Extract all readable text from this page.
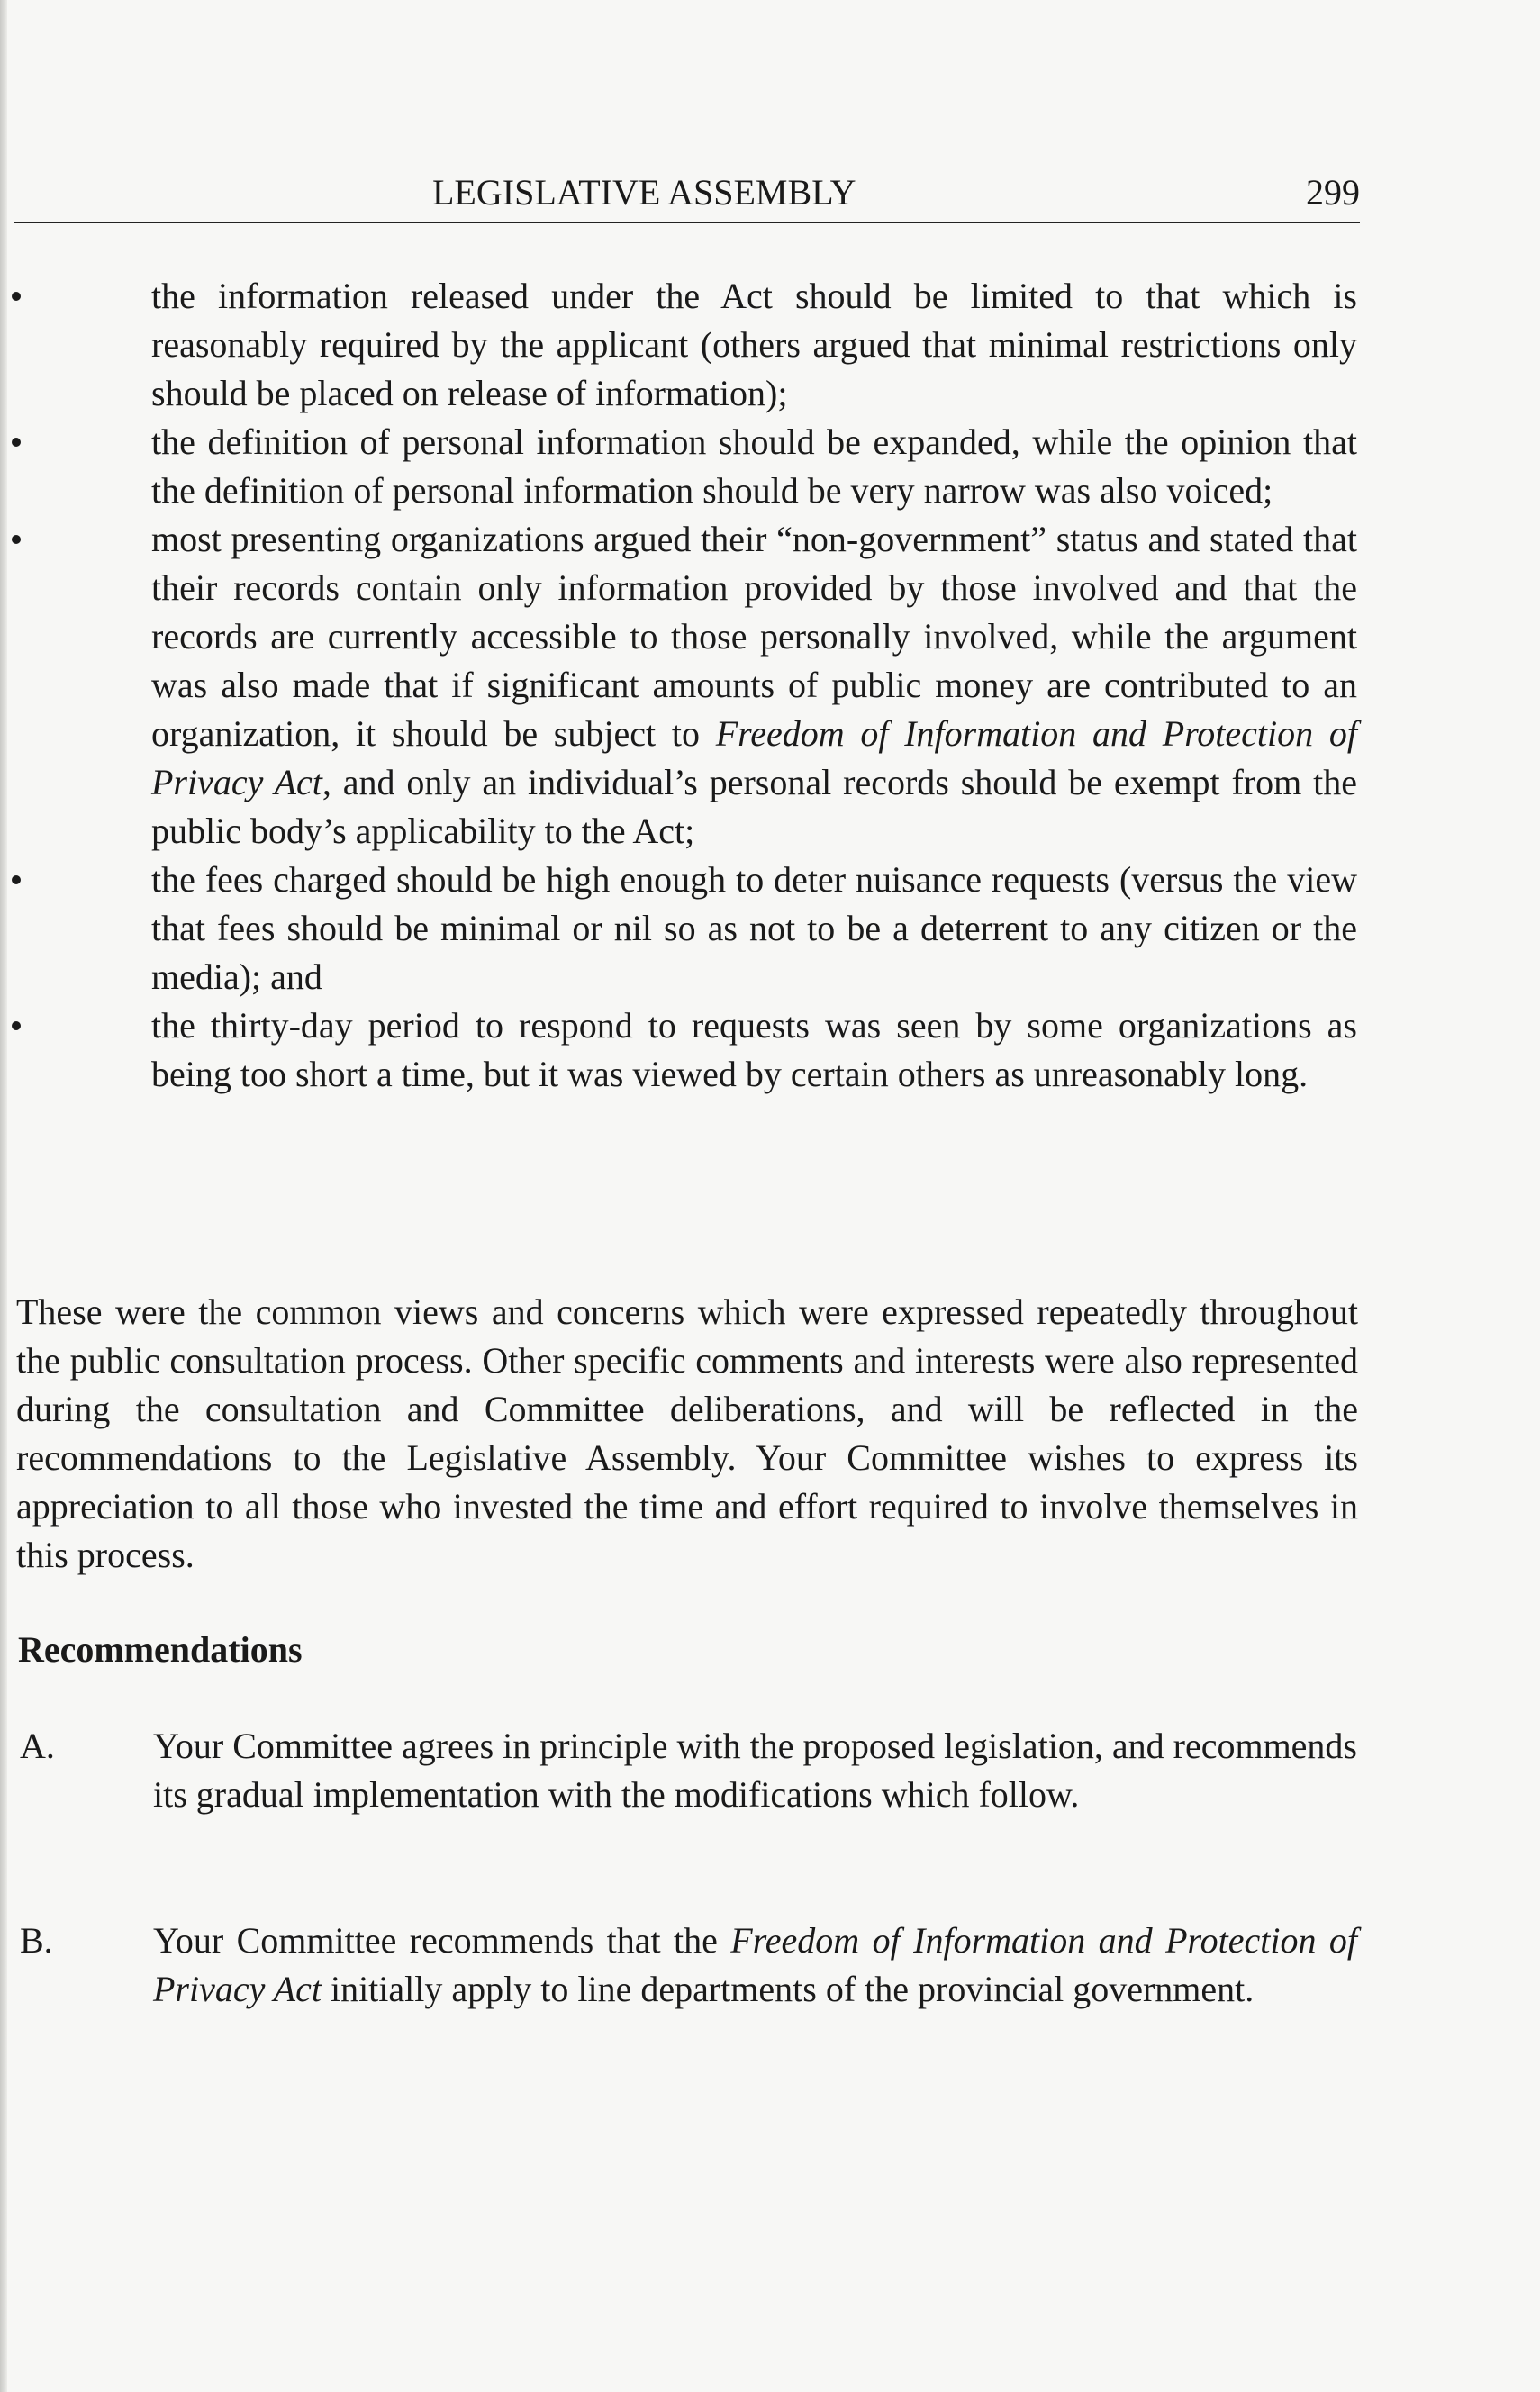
LEGISLATIVE ASSEMBLY	299
the information released under the Act should be limited to that which is reasonably required by the applicant (others argued that minimal restrictions only should be placed on release of information);
the definition of personal information should be expanded, while the opinion that the definition of personal information should be very narrow was also voiced;
most presenting organizations argued their “non-government” status and stated that their records contain only information provided by those involved and that the records are currently accessible to those personally involved, while the argument was also made that if significant amounts of public money are contributed to an organization, it should be subject to Freedom of Information and Protection of Privacy Act, and only an individual’s personal records should be exempt from the public body’s applicability to the Act;
the fees charged should be high enough to deter nuisance requests (versus the view that fees should be minimal or nil so as not to be a deterrent to any citizen or the media); and
the thirty-day period to respond to requests was seen by some organizations as being too short a time, but it was viewed by certain others as unreasonably long.
These were the common views and concerns which were expressed repeatedly throughout the public consultation process. Other specific comments and interests were also represented during the consultation and Committee deliberations, and will be reflected in the recommendations to the Legislative Assembly. Your Committee wishes to express its appreciation to all those who invested the time and effort required to involve themselves in this process.
Recommendations
A.	Your Committee agrees in principle with the proposed legislation, and recommends its gradual implementation with the modifications which follow.
B.	Your Committee recommends that the Freedom of Information and Protection of Privacy Act initially apply to line departments of the provincial government.
